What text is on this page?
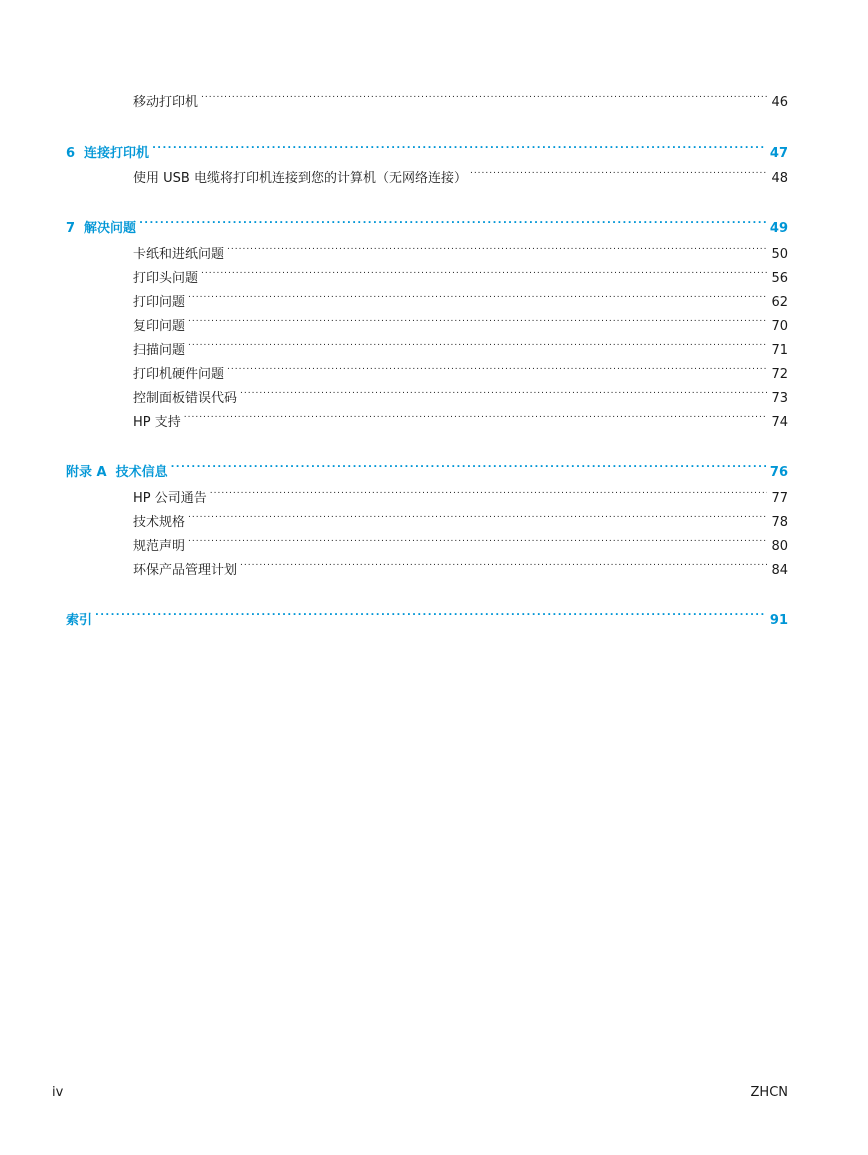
移动打印机 .....	46
6 连接打印机 .....	47
使用 USB 电缆将打印机连接到您的计算机（无网络连接） .....	48
7 解决问题 .....	49
卡纸和进纸问题 .....	50
打印头问题 .....	56
打印问题 .....	62
复印问题 .....	70
扫描问题 .....	71
打印机硬件问题 .....	72
控制面板错误代码 .....	73
HP 支持 .....	74
附录 A 技术信息 .....	76
HP 公司通告 .....	77
技术规格 .....	78
规范声明 .....	80
环保产品管理计划 .....	84
索引 .....	91
iv	ZHCN
